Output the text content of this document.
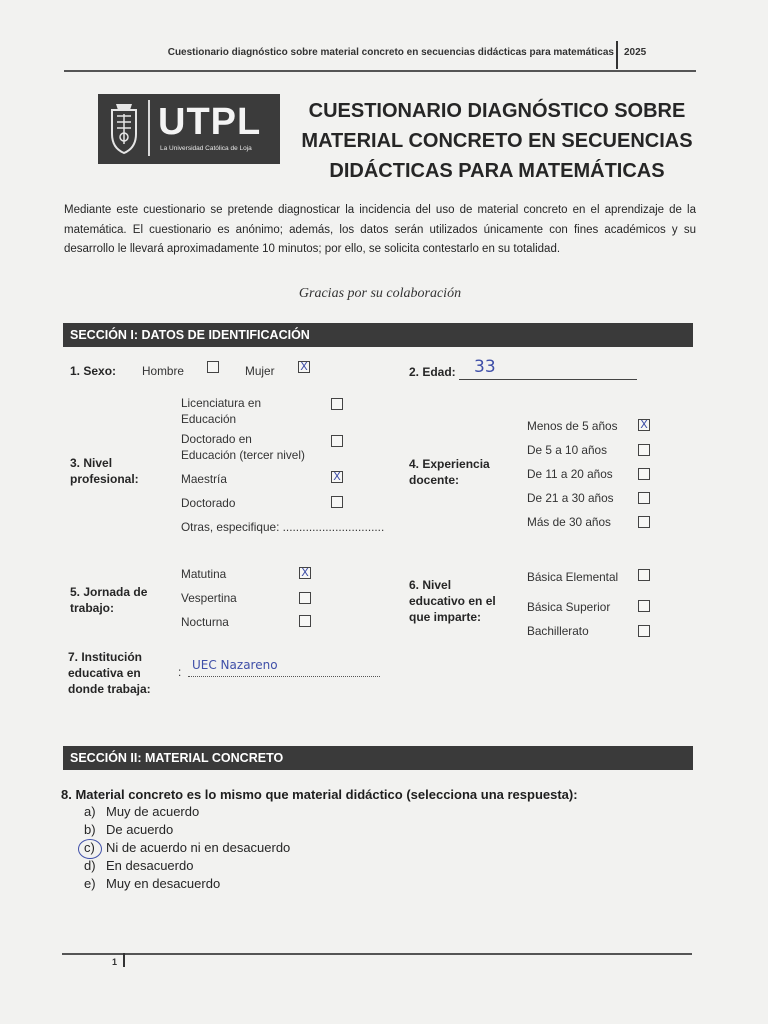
Cuestionario diagnóstico sobre material concreto en secuencias didácticas para matemáticas 2025
UTPL
La Universidad Católica de Loja
CUESTIONARIO DIAGNÓSTICO SOBRE
MATERIAL CONCRETO EN SECUENCIAS
DIDÁCTICAS PARA MATEMÁTICAS
Mediante este cuestionario se pretende diagnosticar la incidencia del uso de material concreto en el aprendizaje de la matemática. El cuestionario es anónimo; además, los datos serán utilizados únicamente con fines académicos y su desarrollo le llevará aproximadamente 10 minutos; por ello, se solicita contestarlo en su totalidad.
Gracias por su colaboración
SECCIÓN I: DATOS DE IDENTIFICACIÓN
1. Sexo: Hombre	Mujer X	2. Edad: 33
3. Nivel
profesional:
Licenciatura en
Educación
Doctorado en
Educación (tercer nivel)
Maestría	X
Doctorado
Otras, especifique: ...............................
4. Experiencia
docente:
Menos de 5 años X
De 5 a 10 años
De 11 a 20 años
De 21 a 30 años
Más de 30 años
5. Jornada de
trabajo:
Matutina	X
Vespertina
Nocturna
6. Nivel
educativo en el
que imparte:
Básica Elemental
Básica Superior
Bachillerato
7. Institución
educativa en
donde trabaja:
: UEC Nazareno
SECCIÓN II: MATERIAL CONCRETO
8. Material concreto es lo mismo que material didáctico (selecciona una respuesta):
a) Muy de acuerdo
b) De acuerdo
c) Ni de acuerdo ni en desacuerdo
d) En desacuerdo
e) Muy en desacuerdo
1
